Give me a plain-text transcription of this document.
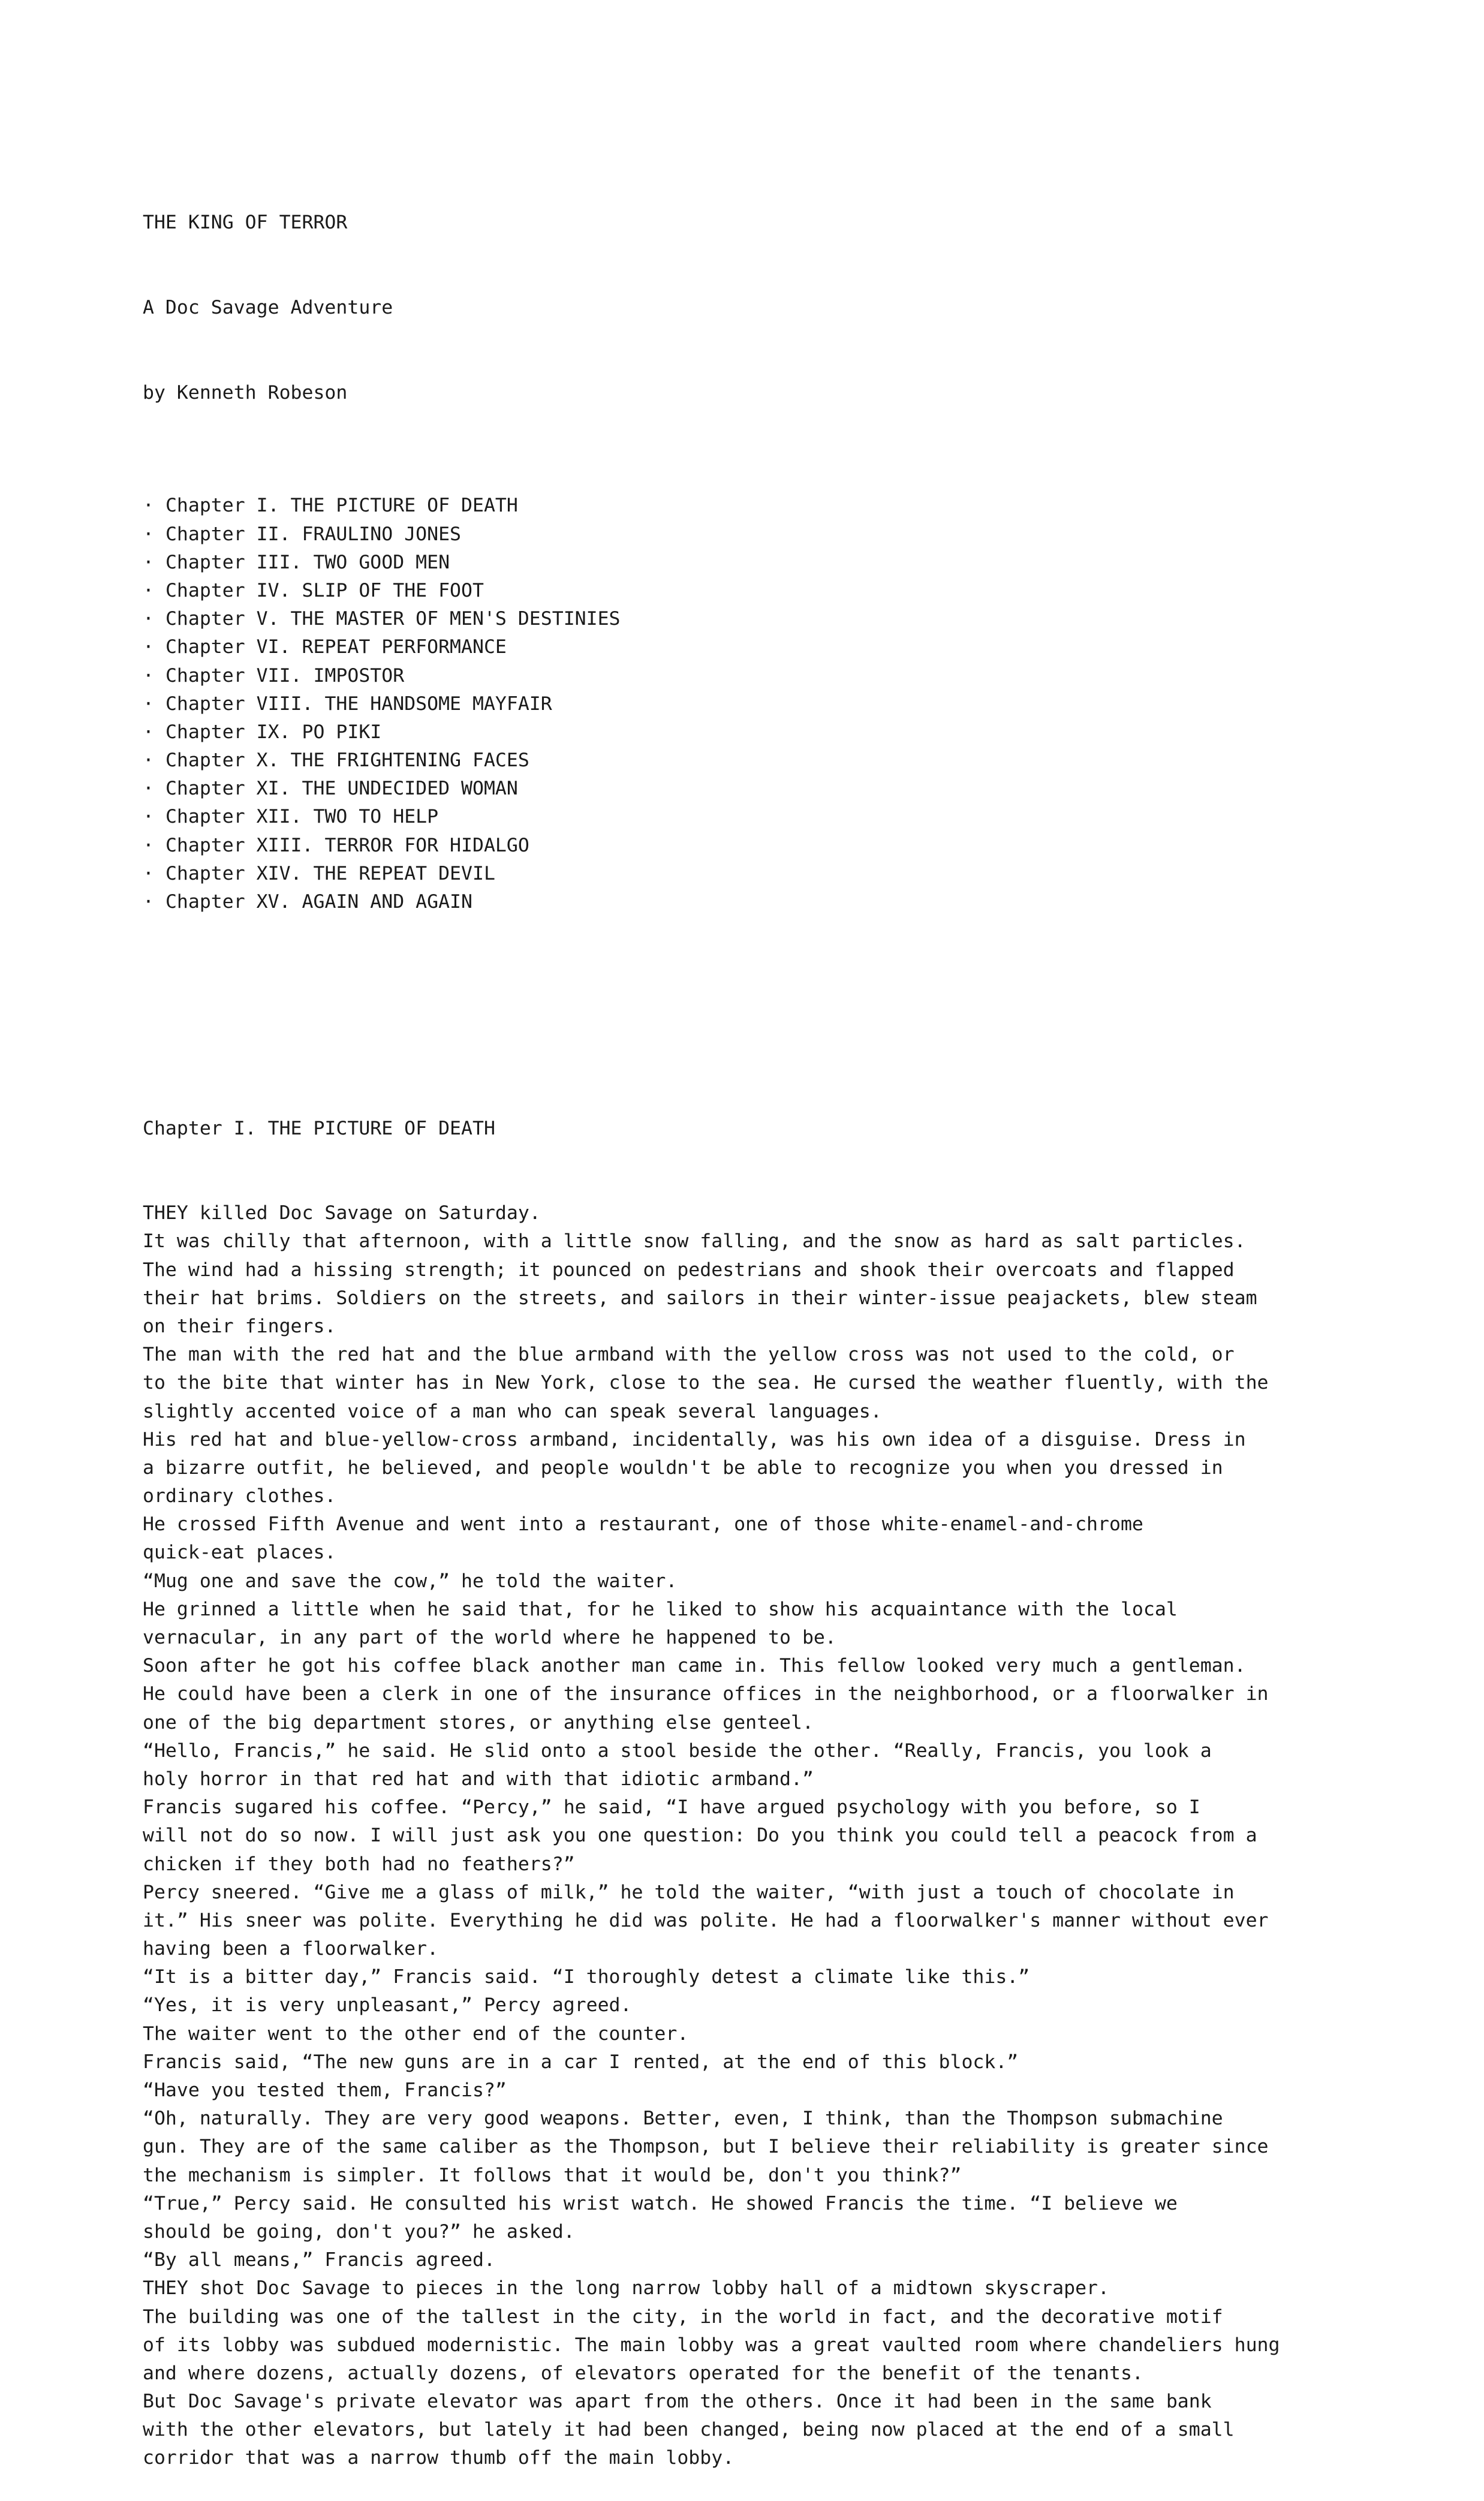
THE KING OF TERROR

A Doc Savage Adventure

by Kenneth Robeson

· Chapter I. THE PICTURE OF DEATH
· Chapter II. FRAULINO JONES
· Chapter III. TWO GOOD MEN
· Chapter IV. SLIP OF THE FOOT
· Chapter V. THE MASTER OF MEN'S DESTINIES
· Chapter VI. REPEAT PERFORMANCE
· Chapter VII. IMPOSTOR
· Chapter VIII. THE HANDSOME MAYFAIR
· Chapter IX. PO PIKI
· Chapter X. THE FRIGHTENING FACES
· Chapter XI. THE UNDECIDED WOMAN
· Chapter XII. TWO TO HELP
· Chapter XIII. TERROR FOR HIDALGO
· Chapter XIV. THE REPEAT DEVIL
· Chapter XV. AGAIN AND AGAIN

Chapter I. THE PICTURE OF DEATH

THEY killed Doc Savage on Saturday.
It was chilly that afternoon, with a little snow falling, and the snow as hard as salt particles.
The wind had a hissing strength; it pounced on pedestrians and shook their overcoats and flapped
their hat brims. Soldiers on the streets, and sailors in their winter-issue peajackets, blew steam
on their fingers.
The man with the red hat and the blue armband with the yellow cross was not used to the cold, or
to the bite that winter has in New York, close to the sea. He cursed the weather fluently, with the
slightly accented voice of a man who can speak several languages.
His red hat and blue-yellow-cross armband, incidentally, was his own idea of a disguise. Dress in
a bizarre outfit, he believed, and people wouldn't be able to recognize you when you dressed in
ordinary clothes.
He crossed Fifth Avenue and went into a restaurant, one of those white-enamel-and-chrome
quick-eat places.
“Mug one and save the cow,” he told the waiter.
He grinned a little when he said that, for he liked to show his acquaintance with the local
vernacular, in any part of the world where he happened to be.
Soon after he got his coffee black another man came in. This fellow looked very much a gentleman.
He could have been a clerk in one of the insurance offices in the neighborhood, or a floorwalker in
one of the big department stores, or anything else genteel.
“Hello, Francis,” he said. He slid onto a stool beside the other. “Really, Francis, you look a
holy horror in that red hat and with that idiotic armband.”
Francis sugared his coffee. “Percy,” he said, “I have argued psychology with you before, so I
will not do so now. I will just ask you one question: Do you think you could tell a peacock from a
chicken if they both had no feathers?”
Percy sneered. “Give me a glass of milk,” he told the waiter, “with just a touch of chocolate in
it.” His sneer was polite. Everything he did was polite. He had a floorwalker's manner without ever
having been a floorwalker.
“It is a bitter day,” Francis said. “I thoroughly detest a climate like this.”
“Yes, it is very unpleasant,” Percy agreed.
The waiter went to the other end of the counter.
Francis said, “The new guns are in a car I rented, at the end of this block.”
“Have you tested them, Francis?”
“Oh, naturally. They are very good weapons. Better, even, I think, than the Thompson submachine
gun. They are of the same caliber as the Thompson, but I believe their reliability is greater since
the mechanism is simpler. It follows that it would be, don't you think?”
“True,” Percy said. He consulted his wrist watch. He showed Francis the time. “I believe we
should be going, don't you?” he asked.
“By all means,” Francis agreed.
THEY shot Doc Savage to pieces in the long narrow lobby hall of a midtown skyscraper.
The building was one of the tallest in the city, in the world in fact, and the decorative motif
of its lobby was subdued modernistic. The main lobby was a great vaulted room where chandeliers hung
and where dozens, actually dozens, of elevators operated for the benefit of the tenants.
But Doc Savage's private elevator was apart from the others. Once it had been in the same bank
with the other elevators, but lately it had been changed, being now placed at the end of a small
corridor that was a narrow thumb off the main lobby.
